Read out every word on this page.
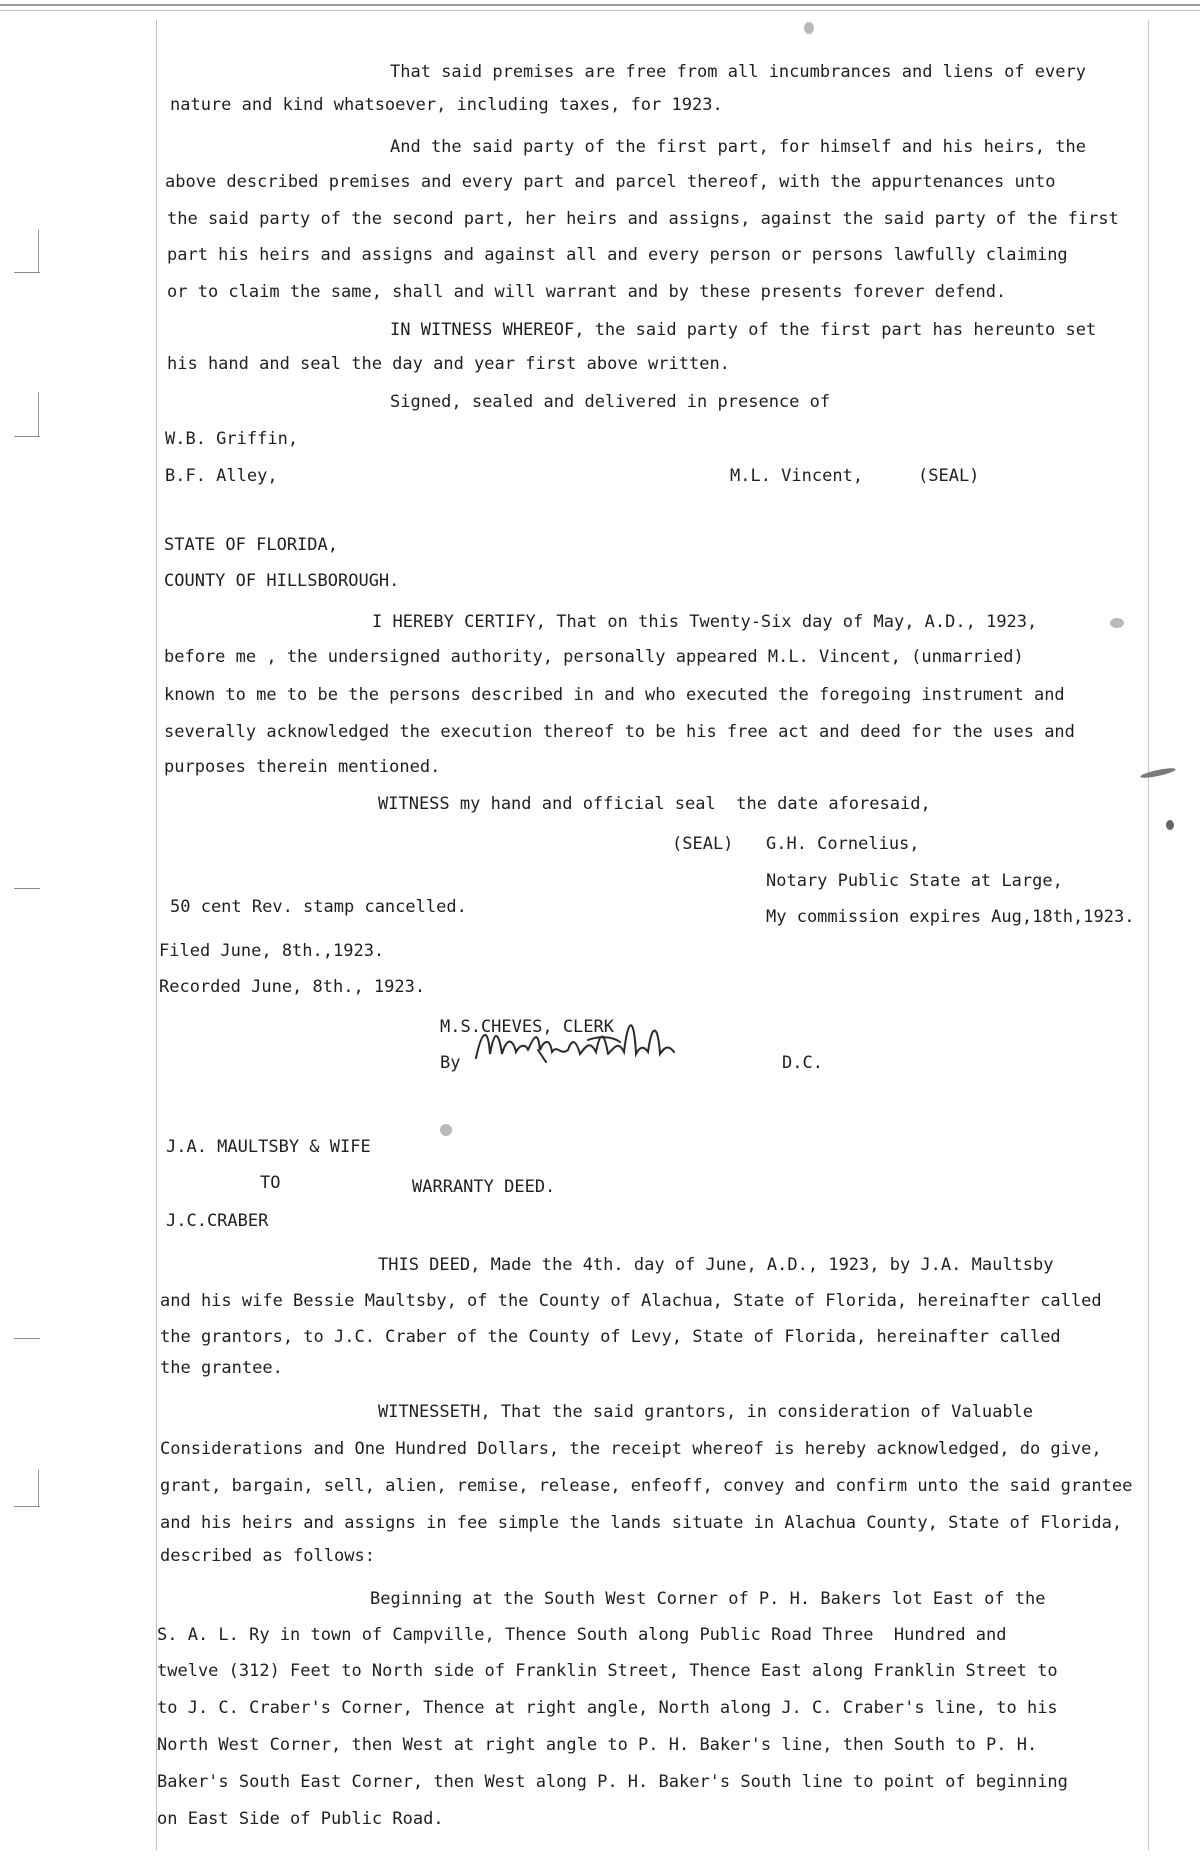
That said premises are free from all incumbrances and liens of every
nature and kind whatsoever, including taxes, for 1923.
And the said party of the first part, for himself and his heirs, the
above described premises and every part and parcel thereof, with the appurtenances unto
the said party of the second part, her heirs and assigns, against the said party of the first
part his heirs and assigns and against all and every person or persons lawfully claiming
or to claim the same, shall and will warrant and by these presents forever defend.
IN WITNESS WHEREOF, the said party of the first part has hereunto set
his hand and seal the day and year first above written.
Signed, sealed and delivered in presence of
W.B. Griffin,
B.F. Alley,	M.L. Vincent,	(SEAL)
STATE OF FLORIDA,
COUNTY OF HILLSBOROUGH.
I HEREBY CERTIFY, That on this Twenty-Six day of May, A.D., 1923,
before me , the undersigned authority, personally appeared M.L. Vincent, (unmarried)
known to me to be the persons described in and who executed the foregoing instrument and
severally acknowledged the execution thereof to be his free act and deed for the uses and
purposes therein mentioned.
WITNESS my hand and official seal  the date aforesaid,
(SEAL) G.H. Cornelius,
Notary Public State at Large,
My commission expires Aug,18th,1923.
50 cent Rev. stamp cancelled.
Filed June, 8th.,1923.
Recorded June, 8th., 1923.
M.S.CHEVES, CLERK
By	D.C.
J.A. MAULTSBY & WIFE
TO	WARRANTY DEED.
J.C.CRABER
THIS DEED, Made the 4th. day of June, A.D., 1923, by J.A. Maultsby
and his wife Bessie Maultsby, of the County of Alachua, State of Florida, hereinafter called
the grantors, to J.C. Craber of the County of Levy, State of Florida, hereinafter called
the grantee.
WITNESSETH, That the said grantors, in consideration of Valuable
Considerations and One Hundred Dollars, the receipt whereof is hereby acknowledged, do give,
grant, bargain, sell, alien, remise, release, enfeoff, convey and confirm unto the said grantee
and his heirs and assigns in fee simple the lands situate in Alachua County, State of Florida,
described as follows:
Beginning at the South West Corner of P. H. Bakers lot East of the
S. A. L. Ry in town of Campville, Thence South along Public Road Three  Hundred and
twelve (312) Feet to North side of Franklin Street, Thence East along Franklin Street to
to J. C. Craber's Corner, Thence at right angle, North along J. C. Craber's line, to his
North West Corner, then West at right angle to P. H. Baker's line, then South to P. H.
Baker's South East Corner, then West along P. H. Baker's South line to point of beginning
on East Side of Public Road.
